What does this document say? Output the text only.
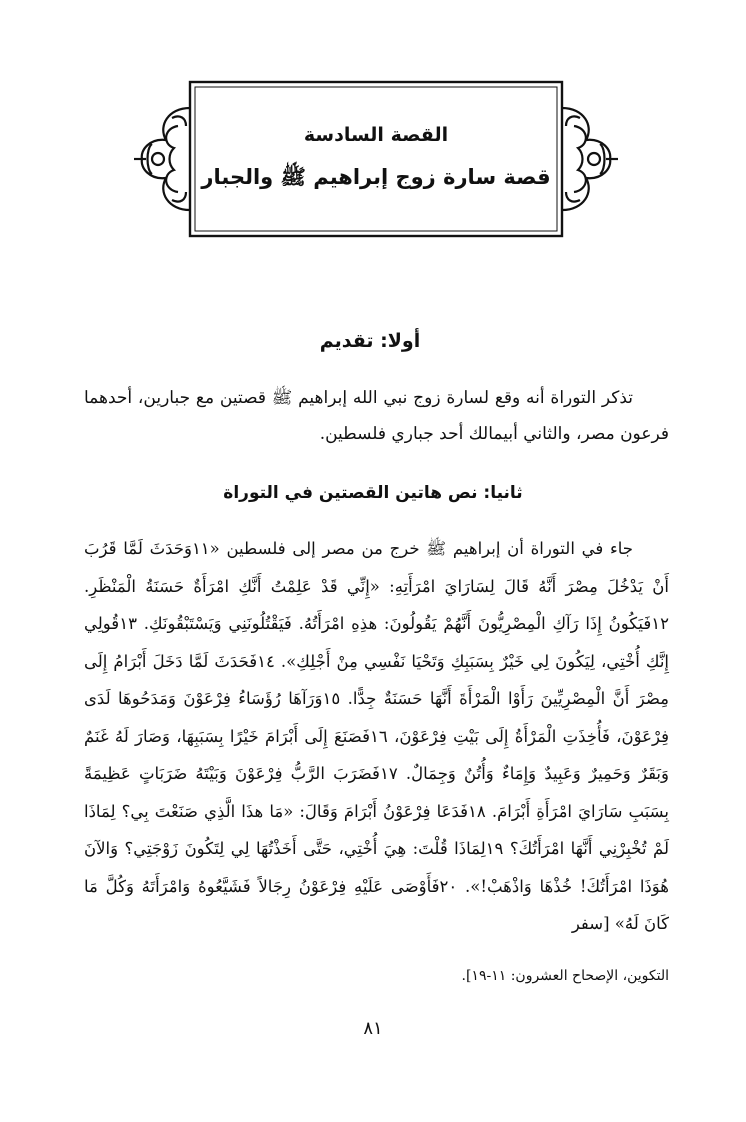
القصة السادسة
قصة سارة زوج إبراهيم ﷺ والجبار
أولا: تقديم
تذكر التوراة أنه وقع لسارة زوج نبي الله إبراهيم ﷺ قصتين مع جبارين، أحدهما فرعون مصر، والثاني أبيمالك أحد جباري فلسطين.
ثانيا: نص هاتين القصتين في التوراة
جاء في التوراة أن إبراهيم ﷺ خرج من مصر إلى فلسطين «١١وَحَدَثَ لَمَّا قَرُبَ أَنْ يَدْخُلَ مِصْرَ أَنَّهُ قَالَ لِسَارَايَ امْرَأَتِهِ: «إِنِّي قَدْ عَلِمْتُ أَنَّكِ امْرَأَةٌ حَسَنَةُ الْمَنْظَرِ. ١٢فَيَكُونُ إِذَا رَآكِ الْمِصْرِيُّونَ أَنَّهُمْ يَقُولُونَ: هذِهِ امْرَأَتُهُ. فَيَقْتُلُونَنِي وَيَسْتَبْقُونَكِ. ١٣قُولِي إِنَّكِ أُخْتِي، لِيَكُونَ لِي خَيْرٌ بِسَبَبِكِ وَتَحْيَا نَفْسِي مِنْ أَجْلِكِ». ١٤فَحَدَثَ لَمَّا دَخَلَ أَبْرَامُ إِلَى مِصْرَ أَنَّ الْمِصْرِيِّينَ رَأَوْا الْمَرْأَةَ أَنَّهَا حَسَنَةٌ جِدًّا. ١٥وَرَآهَا رُؤَسَاءُ فِرْعَوْنَ وَمَدَحُوهَا لَدَى فِرْعَوْنَ، فَأُخِذَتِ الْمَرْأَةُ إِلَى بَيْتِ فِرْعَوْنَ، ١٦فَصَنَعَ إِلَى أَبْرَامَ خَيْرًا بِسَبَبِهَا، وَصَارَ لَهُ غَنَمٌ وَبَقَرٌ وَحَمِيرٌ وَعَبِيدٌ وَإِمَاءٌ وَأُتُنٌ وَجِمَالٌ. ١٧فَضَرَبَ الرَّبُّ فِرْعَوْنَ وَبَيْتَهُ ضَرَبَاتٍ عَظِيمَةً بِسَبَبِ سَارَايَ امْرَأَةِ أَبْرَامَ. ١٨فَدَعَا فِرْعَوْنُ أَبْرَامَ وَقَالَ: «مَا هذَا الَّذِي صَنَعْتَ بِي؟ لِمَاذَا لَمْ تُخْبِرْنِي أَنَّهَا امْرَأَتُكَ؟ ١٩لِمَاذَا قُلْتَ: هِيَ أُخْتِي، حَتَّى أَخَذْتُهَا لِي لِتَكُونَ زَوْجَتِي؟ وَالآنَ هُوَذَا امْرَأَتُكَ! خُذْهَا وَاذْهَبْ!». ٢٠فَأَوْصَى عَلَيْهِ فِرْعَوْنُ رِجَالاً فَشَيَّعُوهُ وَامْرَأَتَهُ وَكُلَّ مَا كَانَ لَهُ» [سفر
التكوين، الإصحاح العشرون: ١١-١٩].
٨١
